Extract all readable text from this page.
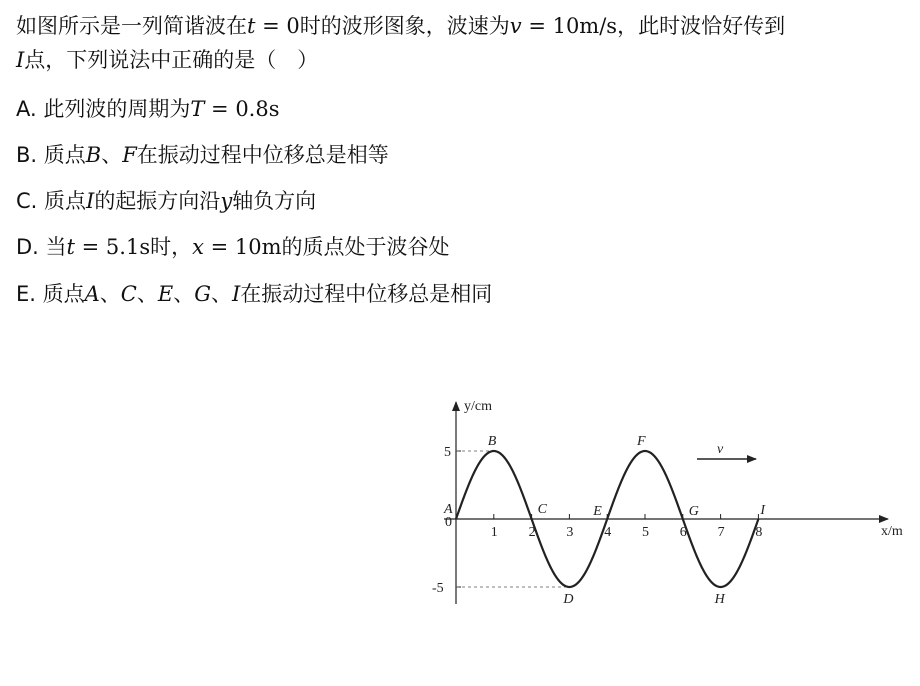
如图所示是一列简谐波在t = 0时的波形图象，波速为v = 10m/s，此时波恰好传到
I点，下列说法中正确的是（　）
A. 此列波的周期为T = 0.8s
B. 质点B、F在振动过程中位移总是相等
C. 质点I的起振方向沿y轴负方向
D. 当t = 5.1s时，x = 10m的质点处于波谷处
E. 质点A、C、E、G、I在振动过程中位移总是相同
y/cm
x/m
0
1 2	4 5 6 7 8
3
5
-5
A
B
C
D
E
F
G
H
I
v
